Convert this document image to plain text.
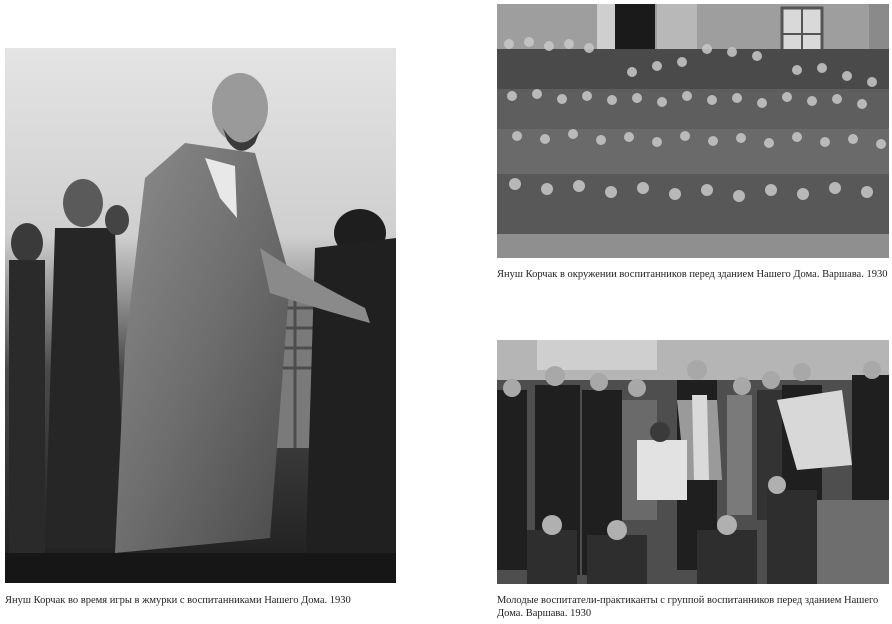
Януш Корчак во время игры в жмурки с воспитанниками Нашего Дома. 1930
Януш Корчак в окружении воспитанников перед зданием Нашего Дома. Варшава. 1930
Молодые воспитатели-практиканты с группой воспитанников перед зданием Нашего Дома. Варшава. 1930
